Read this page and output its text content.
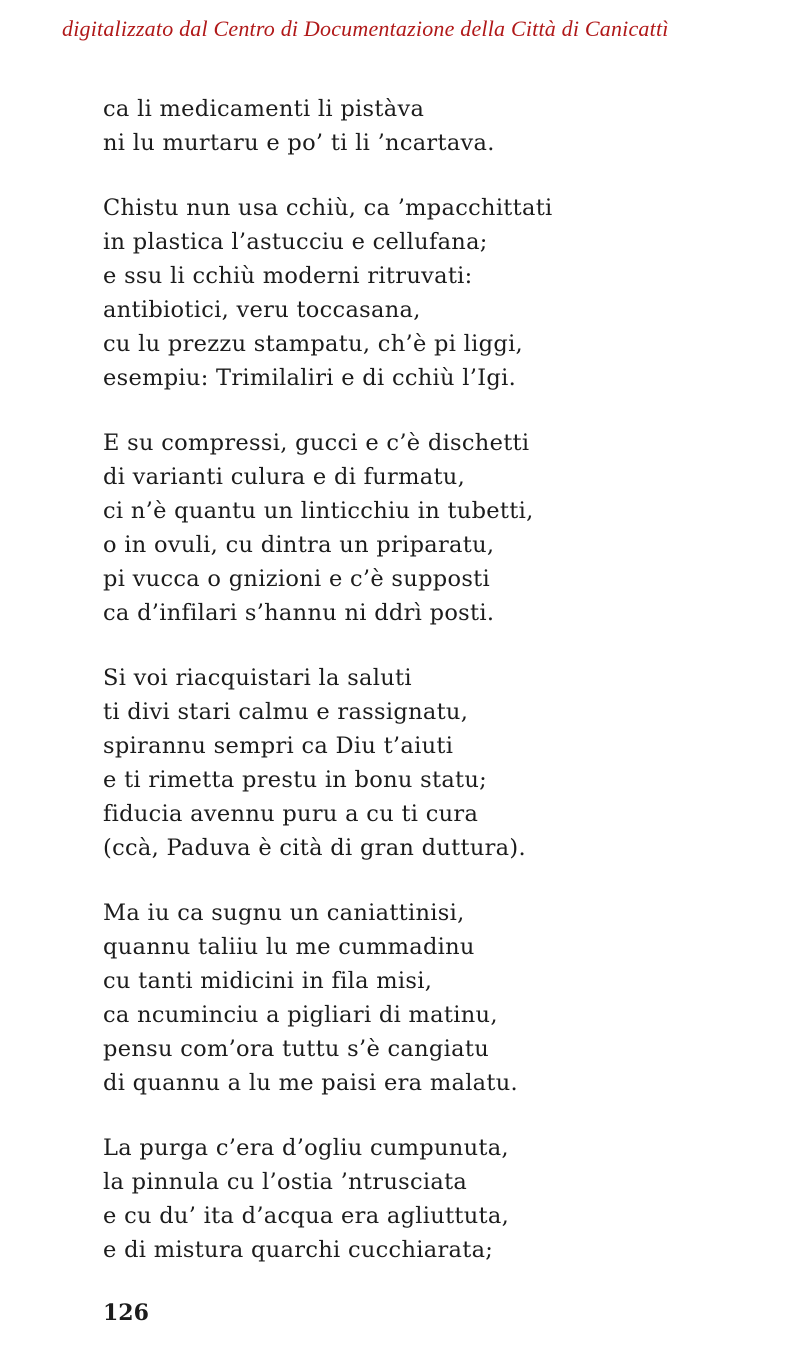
digitalizzato dal Centro di Documentazione della Città di Canicattì
ca li medicamenti li pistàva
ni lu murtaru e po’ ti li ’ncartava.
Chistu nun usa cchiù, ca ’mpacchittati
in plastica l’astucciu e cellufana;
e ssu li cchiù moderni ritruvati:
antibiotici, veru toccasana,
cu lu prezzu stampatu, ch’è pi liggi,
esempiu: Trimilaliri e di cchiù l’Igi.
E su compressi, gucci e c’è dischetti
di varianti culura e di furmatu,
ci n’è quantu un linticchiu in tubetti,
o in ovuli, cu dintra un priparatu,
pi vucca o gnizioni e c’è supposti
ca d’infilari s’hannu ni ddrì posti.
Si voi riacquistari la saluti
ti divi stari calmu e rassignatu,
spirannu sempri ca Diu t’aiuti
e ti rimetta prestu in bonu statu;
fiducia avennu puru a cu ti cura
(ccà, Paduva è cità di gran duttura).
Ma iu ca sugnu un caniattinisi,
quannu taliiu lu me cummadinu
cu tanti midicini in fila misi,
ca ncuminciu a pigliari di matinu,
pensu com’ora tuttu s’è cangiatu
di quannu a lu me paisi era malatu.
La purga c’era d’ogliu cumpunuta,
la pinnula cu l’ostia ’ntrusciata
e cu du’ ita d’acqua era agliuttuta,
e di mistura quarchi cucchiarata;
126
